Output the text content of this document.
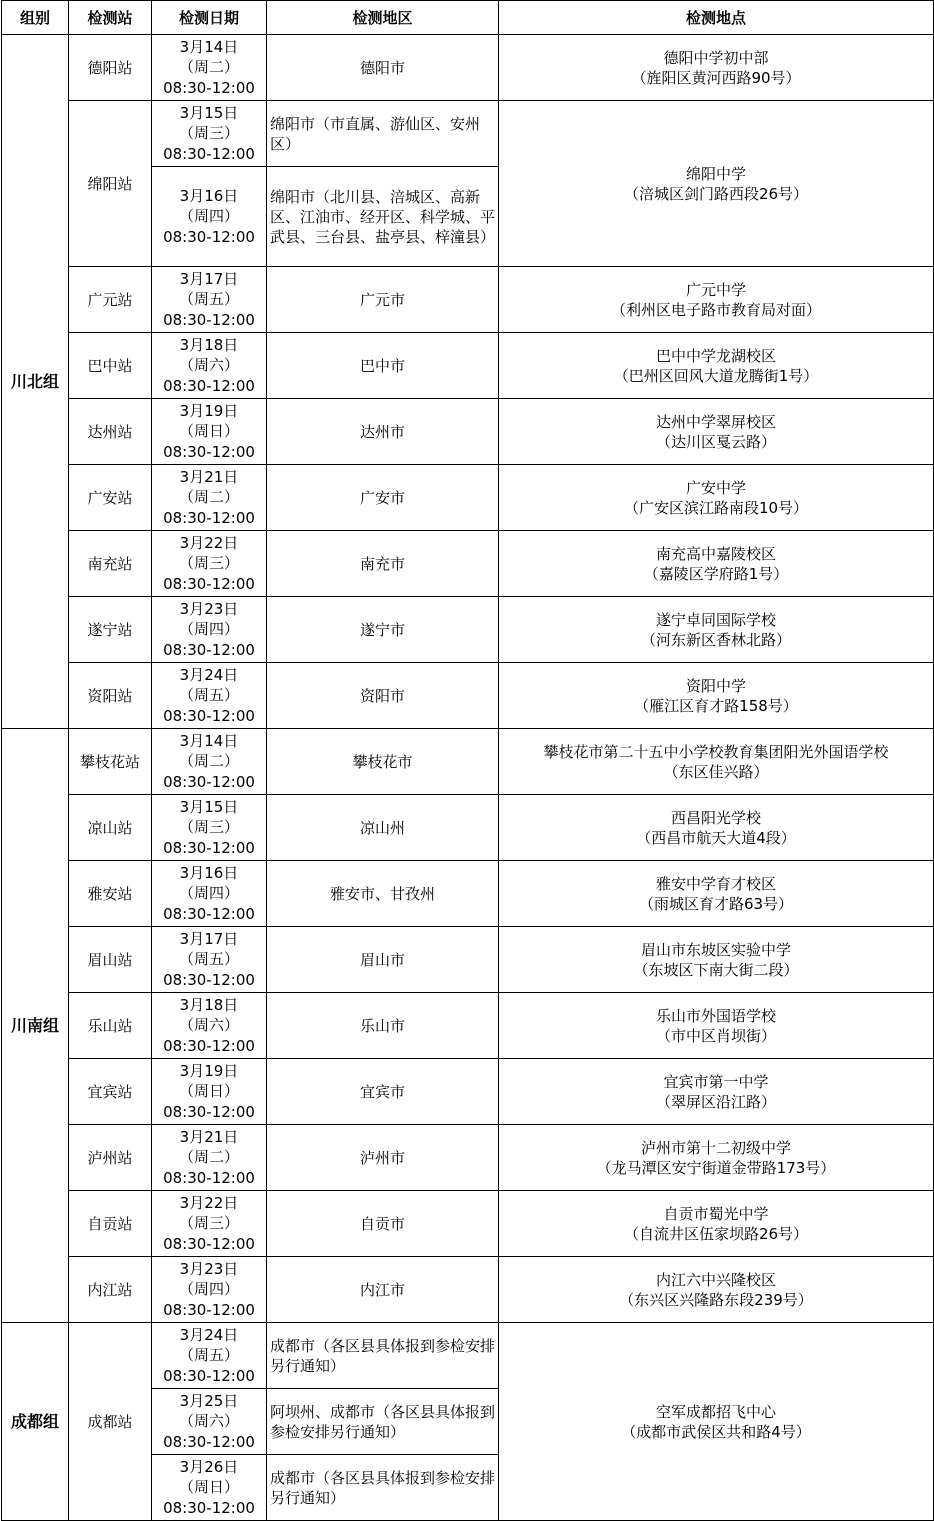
组别	检测站	检测日期	检测地区	检测地点
川北组	德阳站	3月14日
（周二）
08:30-12:00	德阳市	德阳中学初中部
（旌阳区黄河西路90号）

	绵阳站	3月15日
（周三）
08:30-12:00	绵阳市（市直属、游仙区、安州区）	绵阳中学
（涪城区剑门路西段26号）

		3月16日
（周四）
08:30-12:00	绵阳市（北川县、涪城区、高新区、江油市、经开区、科学城、平武县、三台县、盐亭县、梓潼县）	
	广元站	3月17日
（周五）
08:30-12:00	广元市	广元中学
（利州区电子路市教育局对面）

	巴中站	3月18日
（周六）
08:30-12:00	巴中市	巴中中学龙湖校区
（巴州区回风大道龙腾街1号）

	达州站	3月19日
（周日）
08:30-12:00	达州市	达州中学翠屏校区
（达川区戛云路）

	广安站	3月21日
（周二）
08:30-12:00	广安市	广安中学
（广安区滨江路南段10号）

	南充站	3月22日
（周三）
08:30-12:00	南充市	南充高中嘉陵校区
（嘉陵区学府路1号）

	遂宁站	3月23日
（周四）
08:30-12:00	遂宁市	遂宁卓同国际学校
（河东新区香林北路）

	资阳站	3月24日
（周五）
08:30-12:00	资阳市	资阳中学
（雁江区育才路158号）

川南组	攀枝花站	3月14日
（周二）
08:30-12:00	攀枝花市	攀枝花市第二十五中小学校教育集团阳光外国语学校
（东区佳兴路）

	凉山站	3月15日
（周三）
08:30-12:00	凉山州	西昌阳光学校
（西昌市航天大道4段）

	雅安站	3月16日
（周四）
08:30-12:00	雅安市、甘孜州	雅安中学育才校区
（雨城区育才路63号）

	眉山站	3月17日
（周五）
08:30-12:00	眉山市	眉山市东坡区实验中学
（东坡区下南大街二段）

	乐山站	3月18日
（周六）
08:30-12:00	乐山市	乐山市外国语学校
（市中区肖坝街）

	宜宾站	3月19日
（周日）
08:30-12:00	宜宾市	宜宾市第一中学
（翠屏区沿江路）

	泸州站	3月21日
（周二）
08:30-12:00	泸州市	泸州市第十二初级中学
（龙马潭区安宁街道金带路173号）

	自贡站	3月22日
（周三）
08:30-12:00	自贡市	自贡市蜀光中学
（自流井区伍家坝路26号）

	内江站	3月23日
（周四）
08:30-12:00	内江市	内江六中兴隆校区
（东兴区兴隆路东段239号）

成都组	成都站	3月24日
（周五）
08:30-12:00	成都市（各区县具体报到参检安排另行通知）	空军成都招飞中心
（成都市武侯区共和路4号）

		3月25日
（周六）
08:30-12:00	阿坝州、成都市（各区县具体报到参检安排另行通知）	

		3月26日
（周日）
08:30-12:00	成都市（各区县具体报到参检安排另行通知）	
